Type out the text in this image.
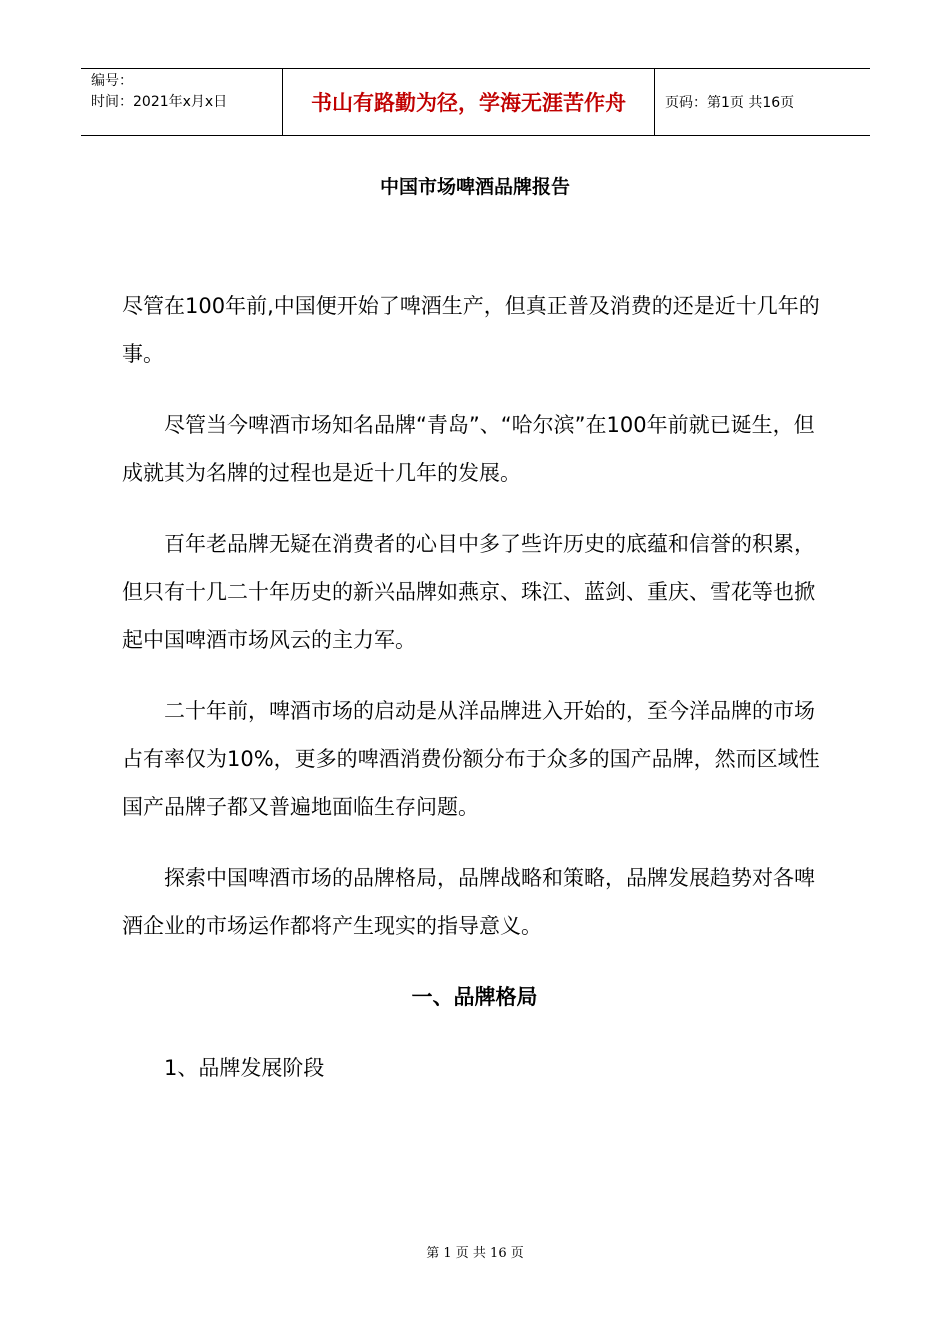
编号：
时间：2021年x月x日	书山有路勤为径，学海无涯苦作舟	页码：第1页 共16页
中国市场啤酒品牌报告

尽管在100年前,中国便开始了啤酒生产，但真正普及消费的还是近十几年的事。

尽管当今啤酒市场知名品牌“青岛”、“哈尔滨”在100年前就已诞生，但成就其为名牌的过程也是近十几年的发展。

百年老品牌无疑在消费者的心目中多了些许历史的底蕴和信誉的积累，但只有十几二十年历史的新兴品牌如燕京、珠江、蓝剑、重庆、雪花等也掀起中国啤酒市场风云的主力军。

二十年前，啤酒市场的启动是从洋品牌进入开始的，至今洋品牌的市场占有率仅为10%，更多的啤酒消费份额分布于众多的国产品牌，然而区域性国产品牌子都又普遍地面临生存问题。

探索中国啤酒市场的品牌格局，品牌战略和策略，品牌发展趋势对各啤酒企业的市场运作都将产生现实的指导意义。

一、品牌格局

1、品牌发展阶段

第 1 页 共 16 页
